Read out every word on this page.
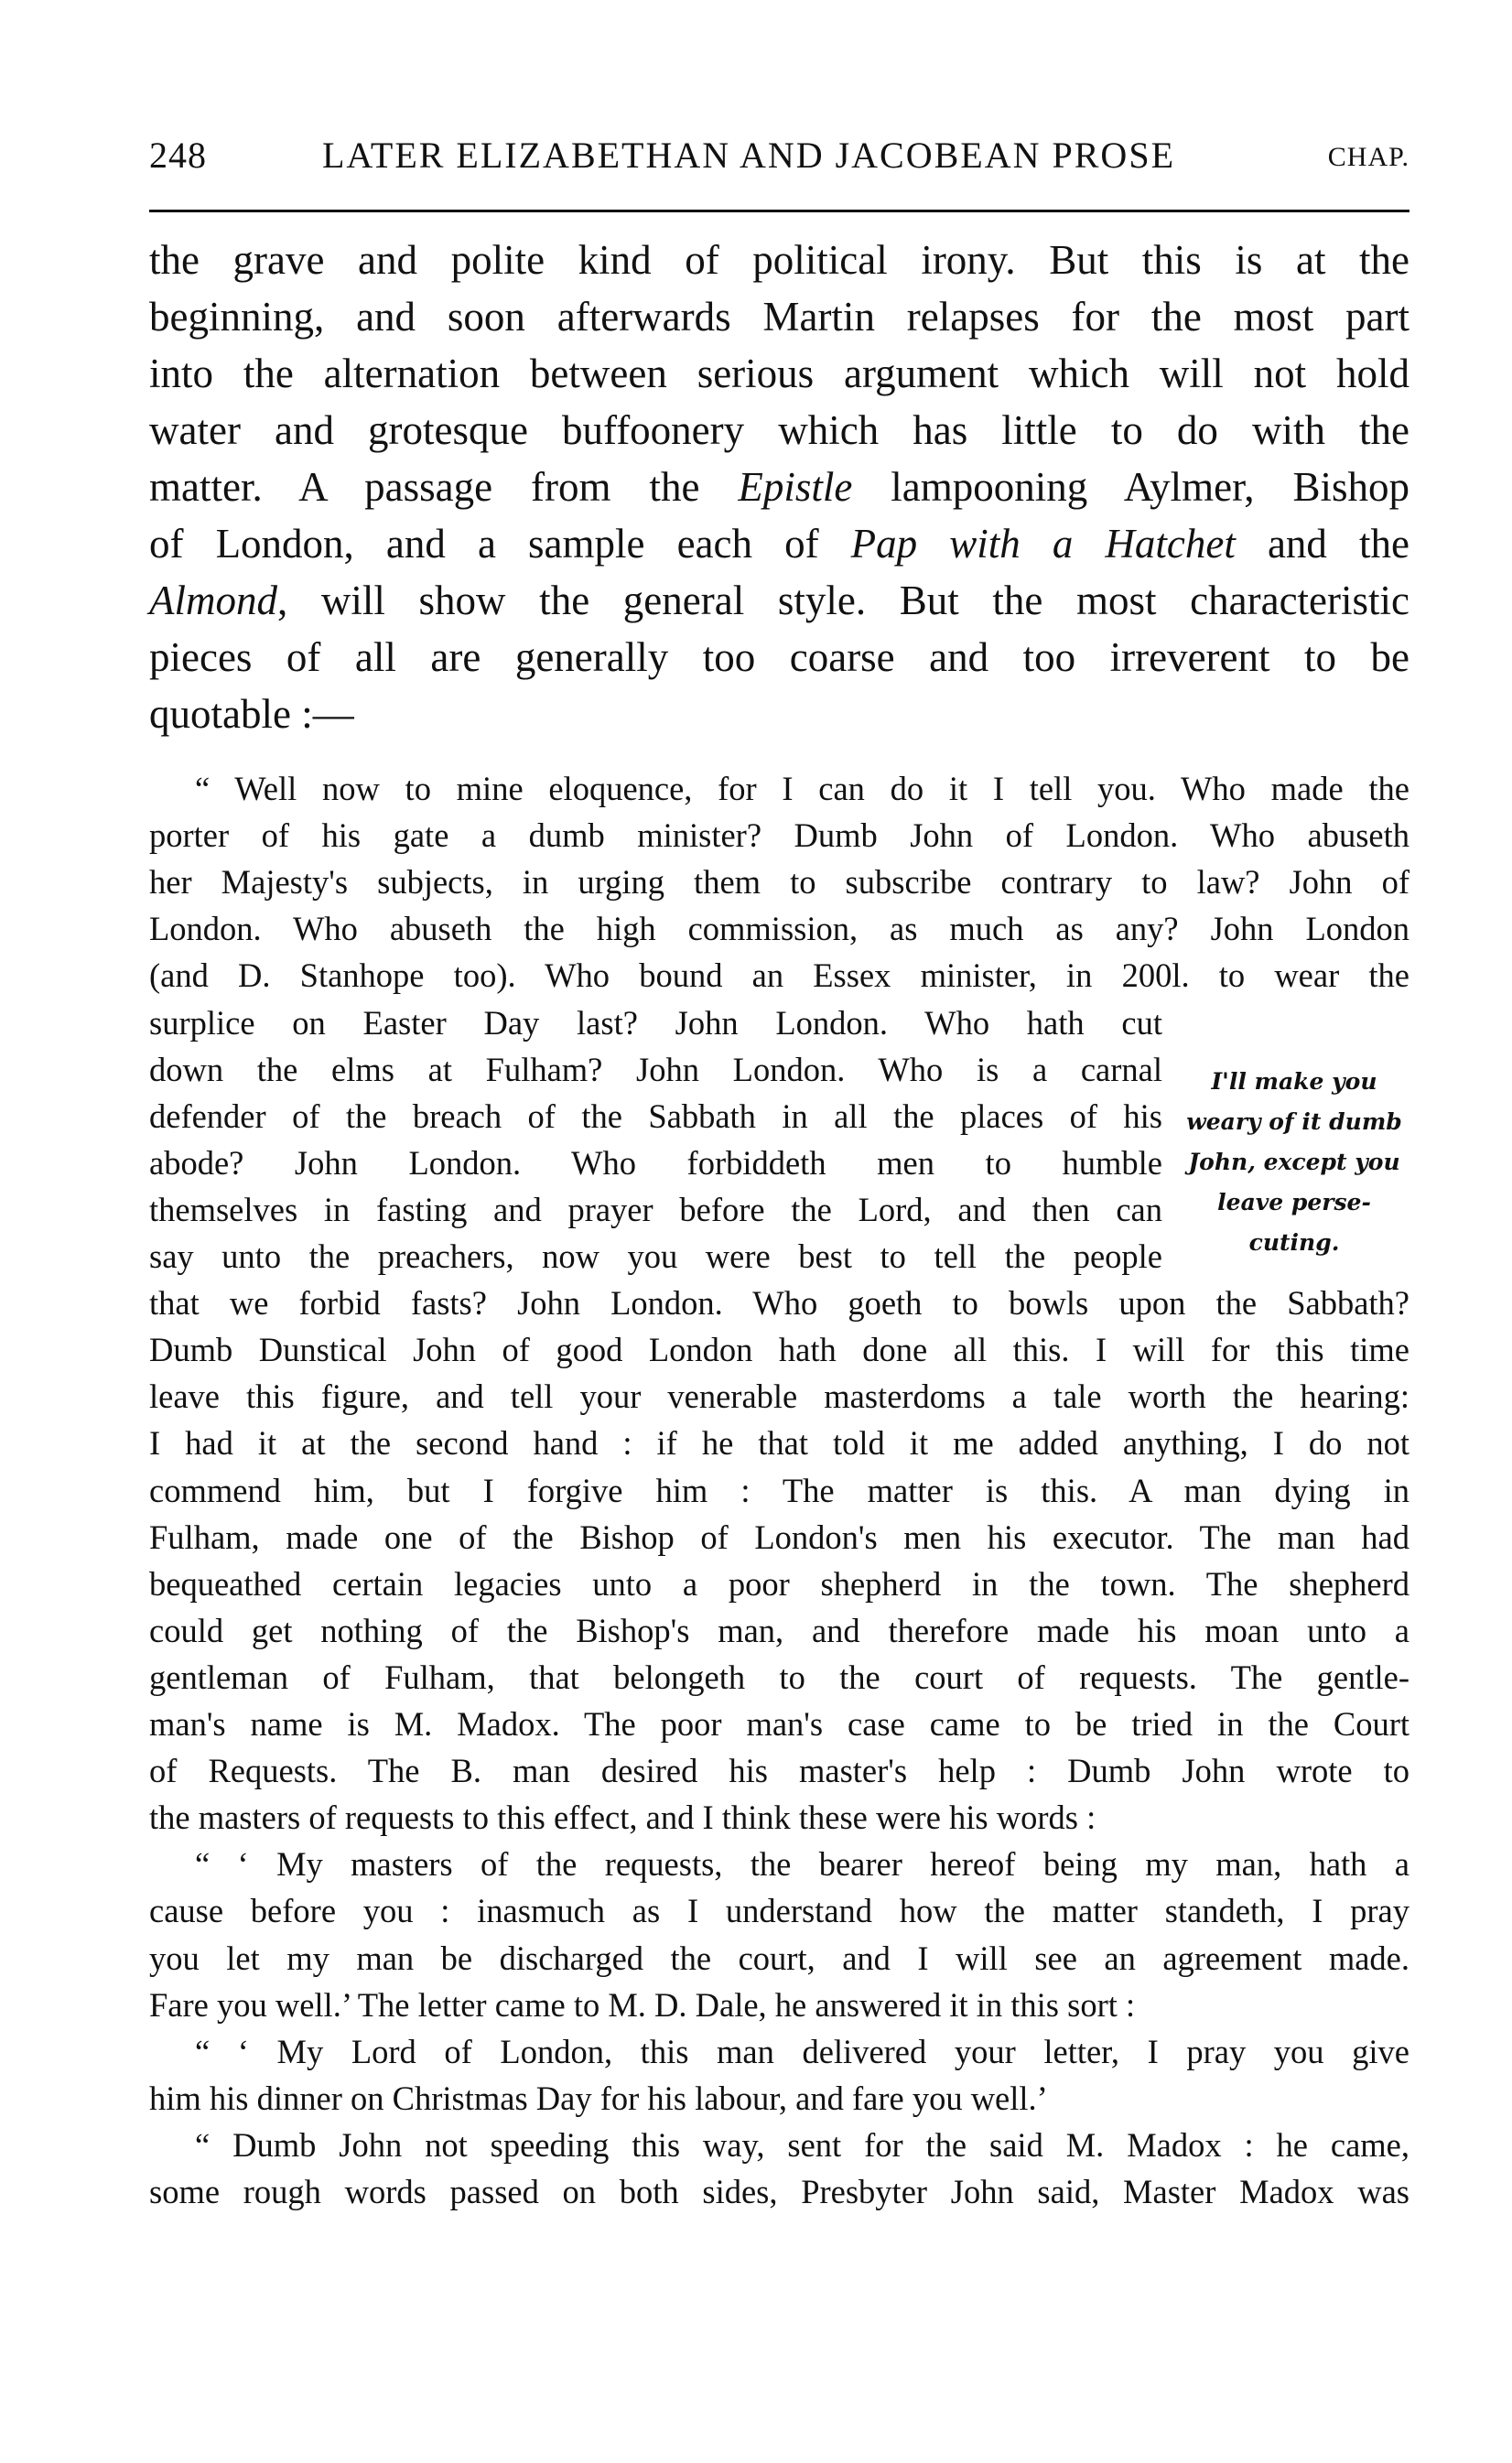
248	LATER ELIZABETHAN AND JACOBEAN PROSE	CHAP.
the grave and polite kind of political irony. But this is at the
beginning, and soon afterwards Martin relapses for the most part
into the alternation between serious argument which will not hold
water and grotesque buffoonery which has little to do with the
matter. A passage from the Epistle lampooning Aylmer, Bishop
of London, and a sample each of Pap with a Hatchet and the
Almond, will show the general style. But the most characteristic
pieces of all are generally too coarse and too irreverent to be
quotable :—
“ Well now to mine eloquence, for I can do it I tell you. Who made the
porter of his gate a dumb minister? Dumb John of London. Who abuseth
her Majesty's subjects, in urging them to subscribe contrary to law? John of
London. Who abuseth the high commission, as much as any? John London
(and D. Stanhope too). Who bound an Essex minister, in 200l. to wear the
surplice on Easter Day last? John London. Who hath cut
down the elms at Fulham? John London. Who is a carnal
defender of the breach of the Sabbath in all the places of his
abode? John London. Who forbiddeth men to humble
themselves in fasting and prayer before the Lord, and then can
say unto the preachers, now you were best to tell the people
that we forbid fasts? John London. Who goeth to bowls upon the Sabbath?
Dumb Dunstical John of good London hath done all this. I will for this time
leave this figure, and tell your venerable masterdoms a tale worth the hearing:
I had it at the second hand : if he that told it me added anything, I do not
commend him, but I forgive him : The matter is this. A man dying in
Fulham, made one of the Bishop of London's men his executor. The man had
bequeathed certain legacies unto a poor shepherd in the town. The shepherd
could get nothing of the Bishop's man, and therefore made his moan unto a
gentleman of Fulham, that belongeth to the court of requests. The gentle-
man's name is M. Madox. The poor man's case came to be tried in the Court
of Requests. The B. man desired his master's help : Dumb John wrote to
the masters of requests to this effect, and I think these were his words :
“ ‘ My masters of the requests, the bearer hereof being my man, hath a
cause before you : inasmuch as I understand how the matter standeth, I pray
you let my man be discharged the court, and I will see an agreement made.
Fare you well.’ The letter came to M. D. Dale, he answered it in this sort :
“ ‘ My Lord of London, this man delivered your letter, I pray you give
him his dinner on Christmas Day for his labour, and fare you well.’
“ Dumb John not speeding this way, sent for the said M. Madox : he came,
some rough words passed on both sides, Presbyter John said, Master Madox was
I'll make you
weary of it dumb
John, except you
leave perse-
cuting.
